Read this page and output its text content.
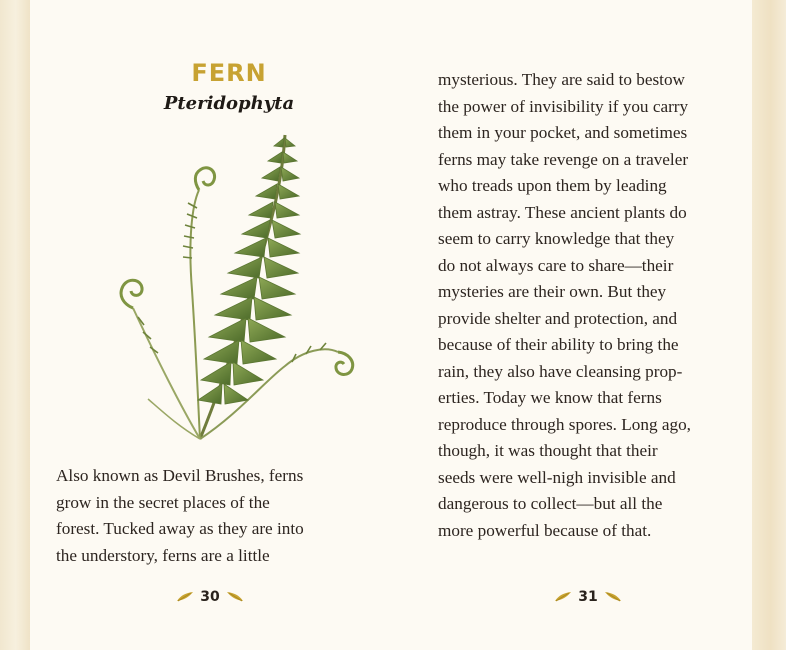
FERN
Pteridophyta
Also known as Devil Brushes, ferns
grow in the secret places of the
forest. Tucked away as they are into
the understory, ferns are a little
mysterious. They are said to bestow
the power of invisibility if you carry
them in your pocket, and sometimes
ferns may take revenge on a traveler
who treads upon them by leading
them astray. These ancient plants do
seem to carry knowledge that they
do not always care to share—their
mysteries are their own. But they
provide shelter and protection, and
because of their ability to bring the
rain, they also have cleansing prop-
erties. Today we know that ferns
reproduce through spores. Long ago,
though, it was thought that their
seeds were well-nigh invisible and
dangerous to collect—but all the
more powerful because of that.
30	31
